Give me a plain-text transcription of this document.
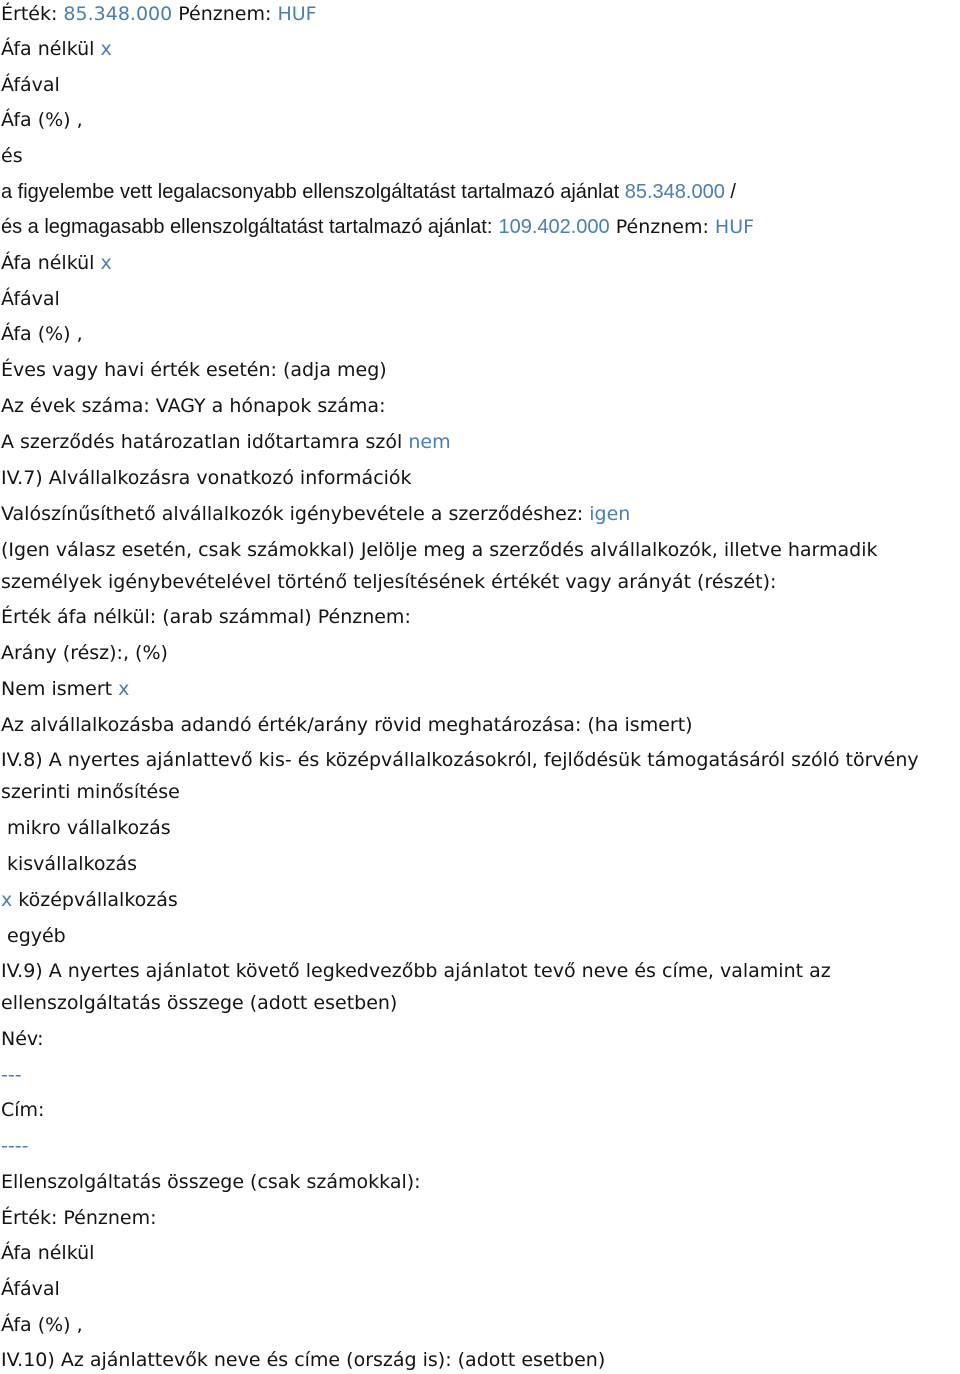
Érték: 85.348.000 Pénznem: HUF
Áfa nélkül x
Áfával
Áfa (%) ,
és
a figyelembe vett legalacsonyabb ellenszolgáltatást tartalmazó ajánlat 85.348.000 /
és a legmagasabb ellenszolgáltatást tartalmazó ajánlat: 109.402.000 Pénznem: HUF
Áfa nélkül x
Áfával
Áfa (%) ,
Éves vagy havi érték esetén: (adja meg)
Az évek száma: VAGY a hónapok száma:
A szerződés határozatlan időtartamra szól nem
IV.7) Alvállalkozásra vonatkozó információk
Valószínűsíthető alvállalkozók igénybevétele a szerződéshez: igen
(Igen válasz esetén, csak számokkal) Jelölje meg a szerződés alvállalkozók, illetve harmadik
személyek igénybevételével történő teljesítésének értékét vagy arányát (részét):
Érték áfa nélkül: (arab számmal) Pénznem:
Arány (rész):, (%)
Nem ismert x
Az alvállalkozásba adandó érték/arány rövid meghatározása: (ha ismert)
IV.8) A nyertes ajánlattevő kis- és középvállalkozásokról, fejlődésük támogatásáról szóló törvény
szerinti minősítése
mikro vállalkozás
kisvállalkozás
x középvállalkozás
egyéb
IV.9) A nyertes ajánlatot követő legkedvezőbb ajánlatot tevő neve és címe, valamint az
ellenszolgáltatás összege (adott esetben)
Név:
---
Cím:
----
Ellenszolgáltatás összege (csak számokkal):
Érték: Pénznem:
Áfa nélkül
Áfával
Áfa (%) ,
IV.10) Az ajánlattevők neve és címe (ország is): (adott esetben)
